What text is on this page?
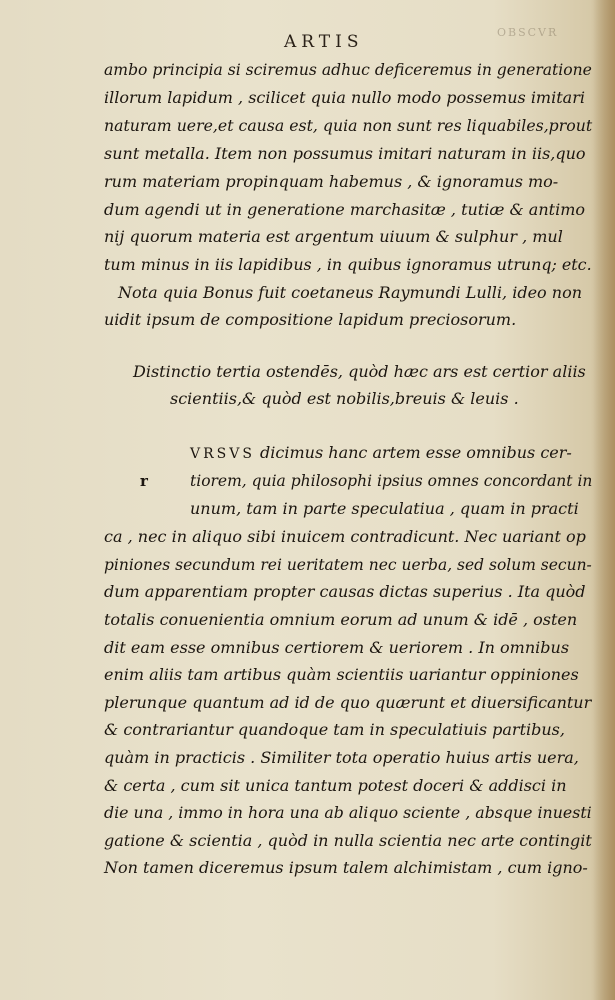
OBSCVR
ARTIS
ambo principia si sciremus adhuc deficeremus in generatione
illorum lapidum , scilicet quia nullo modo possemus imitari
naturam uere,et causa est, quia non sunt res liquabiles,prout
sunt metalla. Item non possumus imitari naturam in iis,quo
rum materiam propinquam habemus , & ignoramus mo-
dum agendi ut in generatione marchasitæ , tutiæ & antimo
nij quorum materia est argentum uiuum & sulphur , mul
tum minus in iis lapidibus , in quibus ignoramus utrunq; etc.
Nota quia Bonus fuit coetaneus Raymundi Lulli, ideo non
uidit ipsum de compositione lapidum preciosorum.
Distinctio tertia ostendēs, quòd hæc ars est certior aliis
scientiis,& quòd est nobilis,breuis & leuis .
VRSVS dicimus hanc artem esse omnibus cer-
r	tiorem, quia philosophi ipsius omnes concordant in
unum, tam in parte speculatiua , quam in practi
ca , nec in aliquo sibi inuicem contradicunt. Nec uariant op
piniones secundum rei ueritatem nec uerba, sed solum secun-
dum apparentiam propter causas dictas superius . Ita quòd
totalis conuenientia omnium eorum ad unum & idē , osten
dit eam esse omnibus certiorem & ueriorem . In omnibus
enim aliis tam artibus quàm scientiis uariantur oppiniones
plerunque quantum ad id de quo quærunt et diuersificantur
& contrariantur quandoque tam in speculatiuis partibus,
quàm in practicis . Similiter tota operatio huius artis uera,
& certa , cum sit unica tantum potest doceri & addisci in
die una , immo in hora una ab aliquo sciente , absque inuesti
gatione & scientia , quòd in nulla scientia nec arte contingit
Non tamen diceremus ipsum talem alchimistam , cum igno-
